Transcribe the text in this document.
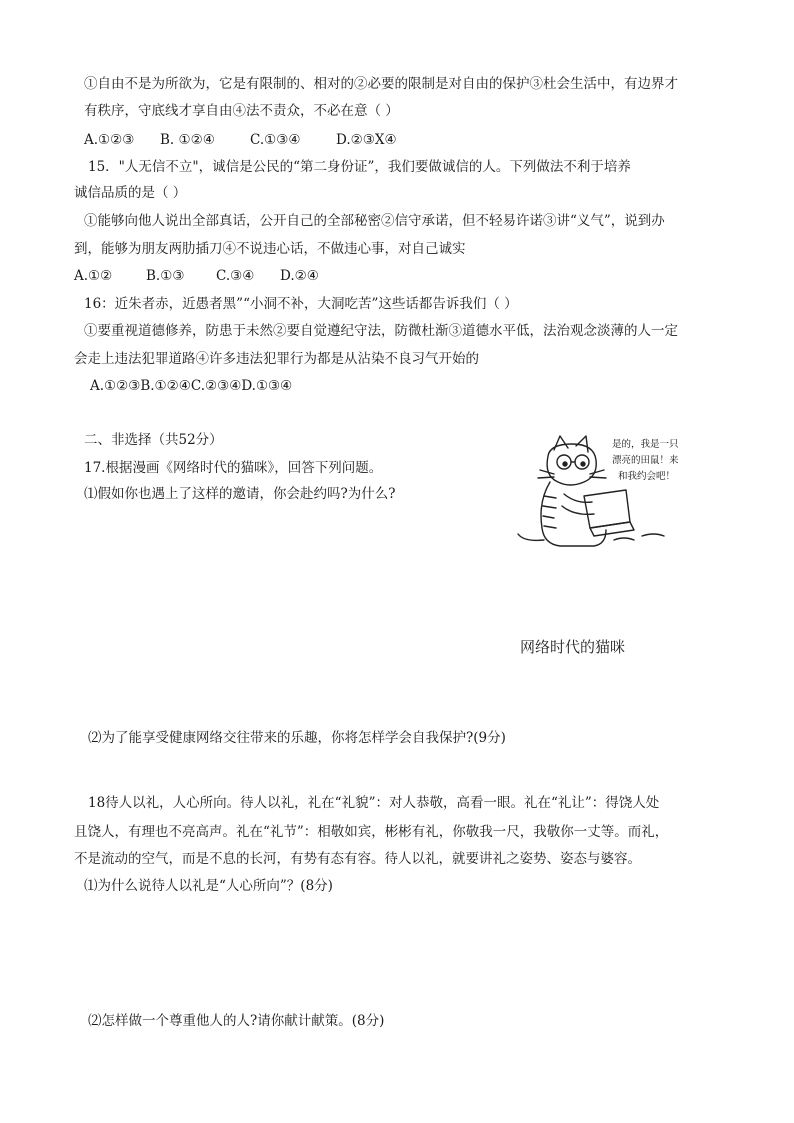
①自由不是为所欲为，它是有限制的、相对的②必要的限制是对自由的保护③杜会生活中，有边界才
有秩序，守底线才享自由④法不责众，不必在意（ ）
A.①②③ B. ①②④	C.①③④	D.②③X④
15．"人无信不立"，诚信是公民的“第二身份证”，我们要做诚信的人。下列做法不利于培养
诚信品质的是（ ）
①能够向他人说出全部真话，公开自己的全部秘密②信守承诺，但不轻易许诺③讲“义气”，说到办
到，能够为朋友两肋插刀④不说违心话，不做违心事，对自己诚实
A.①②	B.①③ C.③④ D.②④
16：近朱者赤，近愚者黑”“小洞不补，大洞吃苦”这些话都告诉我们（ ）
①要重视道德修养，防患于未然②要自觉遵纪守法，防微杜渐③道德水平低，法治观念淡薄的人一定
会走上违法犯罪道路④许多违法犯罪行为都是从沾染不良习气开始的
A.①②③B.①②④C.②③④D.①③④
二、非选择（共52分）
17.根据漫画《网络时代的猫咪》，回答下列问题。
⑴假如你也遇上了这样的邀请，你会赴约吗?为什么?
是的，我是一只
漂亮的田鼠！来
和我约会吧！
网络时代的猫咪
⑵为了能享受健康网络交往带来的乐趣，你将怎样学会自我保护?(9分)
18待人以礼，人心所向。待人以礼，礼在“礼貌”：对人恭敬，高看一眼。礼在“礼让”：得饶人处
且饶人，有理也不亮高声。礼在“礼节”：相敬如宾，彬彬有礼，你敬我一尺，我敬你一丈等。而礼，
不是流动的空气，而是不息的长河，有势有态有容。待人以礼，就要讲礼之姿势、姿态与婆容。
⑴为什么说待人以礼是“人心所向”？(8分)
⑵怎样做一个尊重他人的人?请你献计献策。(8分)
